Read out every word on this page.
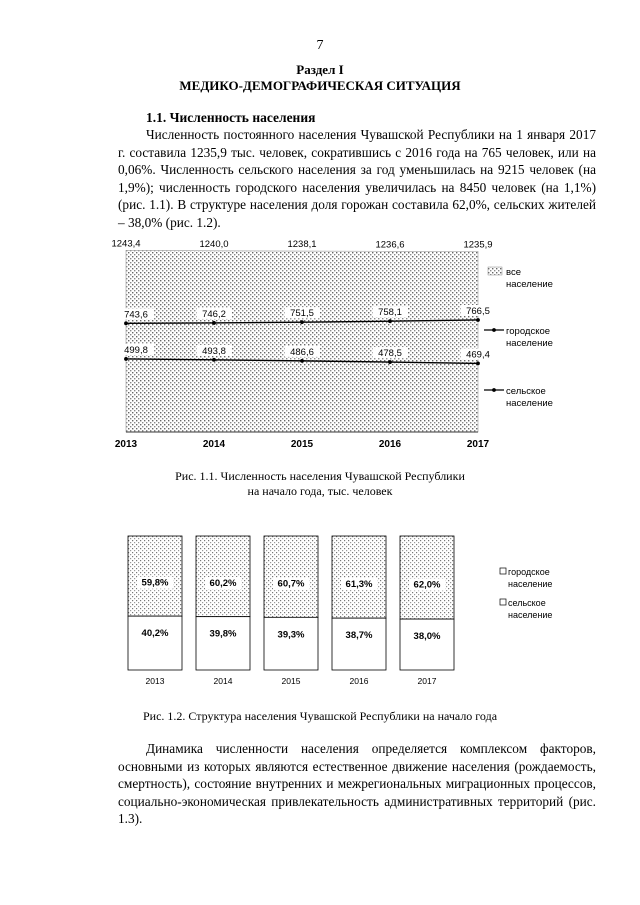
7
Раздел I
МЕДИКО-ДЕМОГРАФИЧЕСКАЯ СИТУАЦИЯ
1.1. Численность населения

Численность постоянного населения Чувашской Республики на 1 января 2017 г. составила 1235,9 тыс. человек, сократившись с 2016 года на 765 человек, или на 0,06%. Численность сельского населения за год уменьшилась на 9215 человек (на 1,9%); численность городского населения увеличилась на 8450 человек (на 1,1%) (рис. 1.1). В структуре населения доля горожан составила 62,0%, сельских жителей – 38,0% (рис. 1.2).

1243,4	1240,0	1238,1	1236,6	1235,9
743,6	746,2	751,5	758,1	766,5
499,8	493,8	486,6	478,5	469,4
2013	2014	2015	2016	2017
все
население
городское
население
сельское
население
Рис. 1.1. Численность населения Чувашской Республики
на начало года, тыс. человек
59,8%
40,2%
60,2%
39,8%
60,7%
39,3%
61,3%
38,7%
62,0%
38,0%
2013	2014	2015	2016	2017
городское
население
сельское
население
Рис. 1.2. Структура населения Чувашской Республики на начало года

Динамика численности населения определяется комплексом факторов, основными из которых являются естественное движение населения (рождаемость, смертность), состояние внутренних и межрегиональных миграционных процессов, социально-экономическая привлекательность административных территорий (рис. 1.3).
